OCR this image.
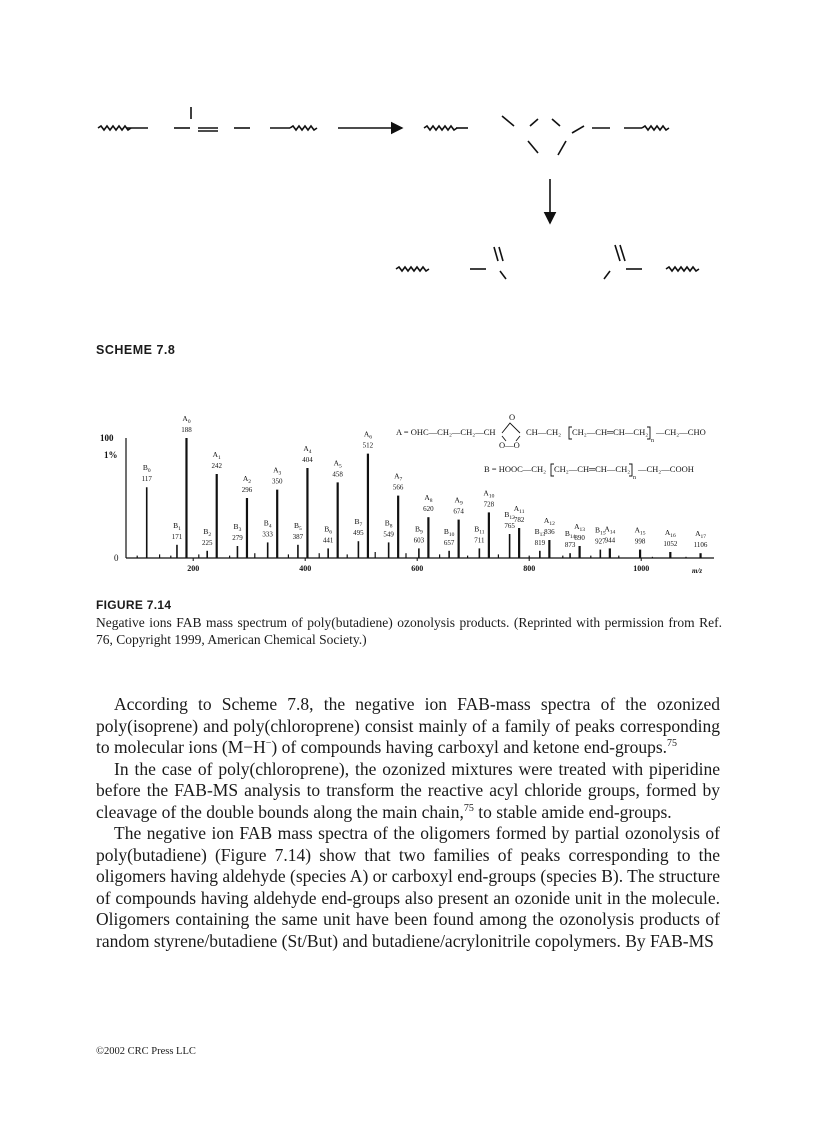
SCHEME 7.8
100
1%
0
m/z
$A_0$
188
$A_1$
242
$A_2$
296
$A_3$
350
$A_4$
404	$A_5$
458
$A_6$
512
$A_7$
566
$A_8$
620
$A_9$
674
$A_{10}$
728	$A_{11}$
782	$A_{12}$
836
$A_{13}$
890
$A_{14}$
944
$A_{15}$
998
$A_{16}$
1052
$A_{17}$
1106
$B_0$
117
$B_1$
171
$B_2$
225
$B_3$
279
$B_4$
333
$B_5$
387
$B_6$
441
$B_7$
495
$B_8$
549
$B_9$
603
$B_{10}$
657
$B_{11}$
711
$B_{12}$
765
$B_{13}$
819
$B_{14}$
873
$B_{15}$
927
200	400	600	800	1000
A = OHC—CH₂—CH₂—CH
O
O—O
CH—CH₂ CH₂—CH═CH—CH₂
n
—CH₂—CHO
B = HOOC—CH₂ CH₂—CH═CH—CH₂
n
—CH₂—COOH
FIGURE 7.14
Negative ions FAB mass spectrum of poly(butadiene) ozonolysis products. (Reprinted with permission from Ref. 76, Copyright 1999, American Chemical Society.)

According to Scheme 7.8, the negative ion FAB-mass spectra of the ozonized poly(isoprene) and poly(chloroprene) consist mainly of a family of peaks corresponding to molecular ions (M−H−) of compounds having carboxyl and ketone end-groups.$^{75}$

In the case of poly(chloroprene), the ozonized mixtures were treated with piperidine before the FAB-MS analysis to transform the reactive acyl chloride groups, formed by cleavage of the double bounds along the main chain,$^{75}$ to stable amide end-groups.

The negative ion FAB mass spectra of the oligomers formed by partial ozonolysis of poly(butadiene) (Figure 7.14) show that two families of peaks corresponding to the oligomers having aldehyde (species A) or carboxyl end-groups (species B). The structure of compounds having aldehyde end-groups also present an ozonide unit in the molecule. Oligomers containing the same unit have been found among the ozonolysis products of random styrene/butadiene (St/But) and butadiene/acrylonitrile copolymers. By FAB-MS

©2002 CRC Press LLC
